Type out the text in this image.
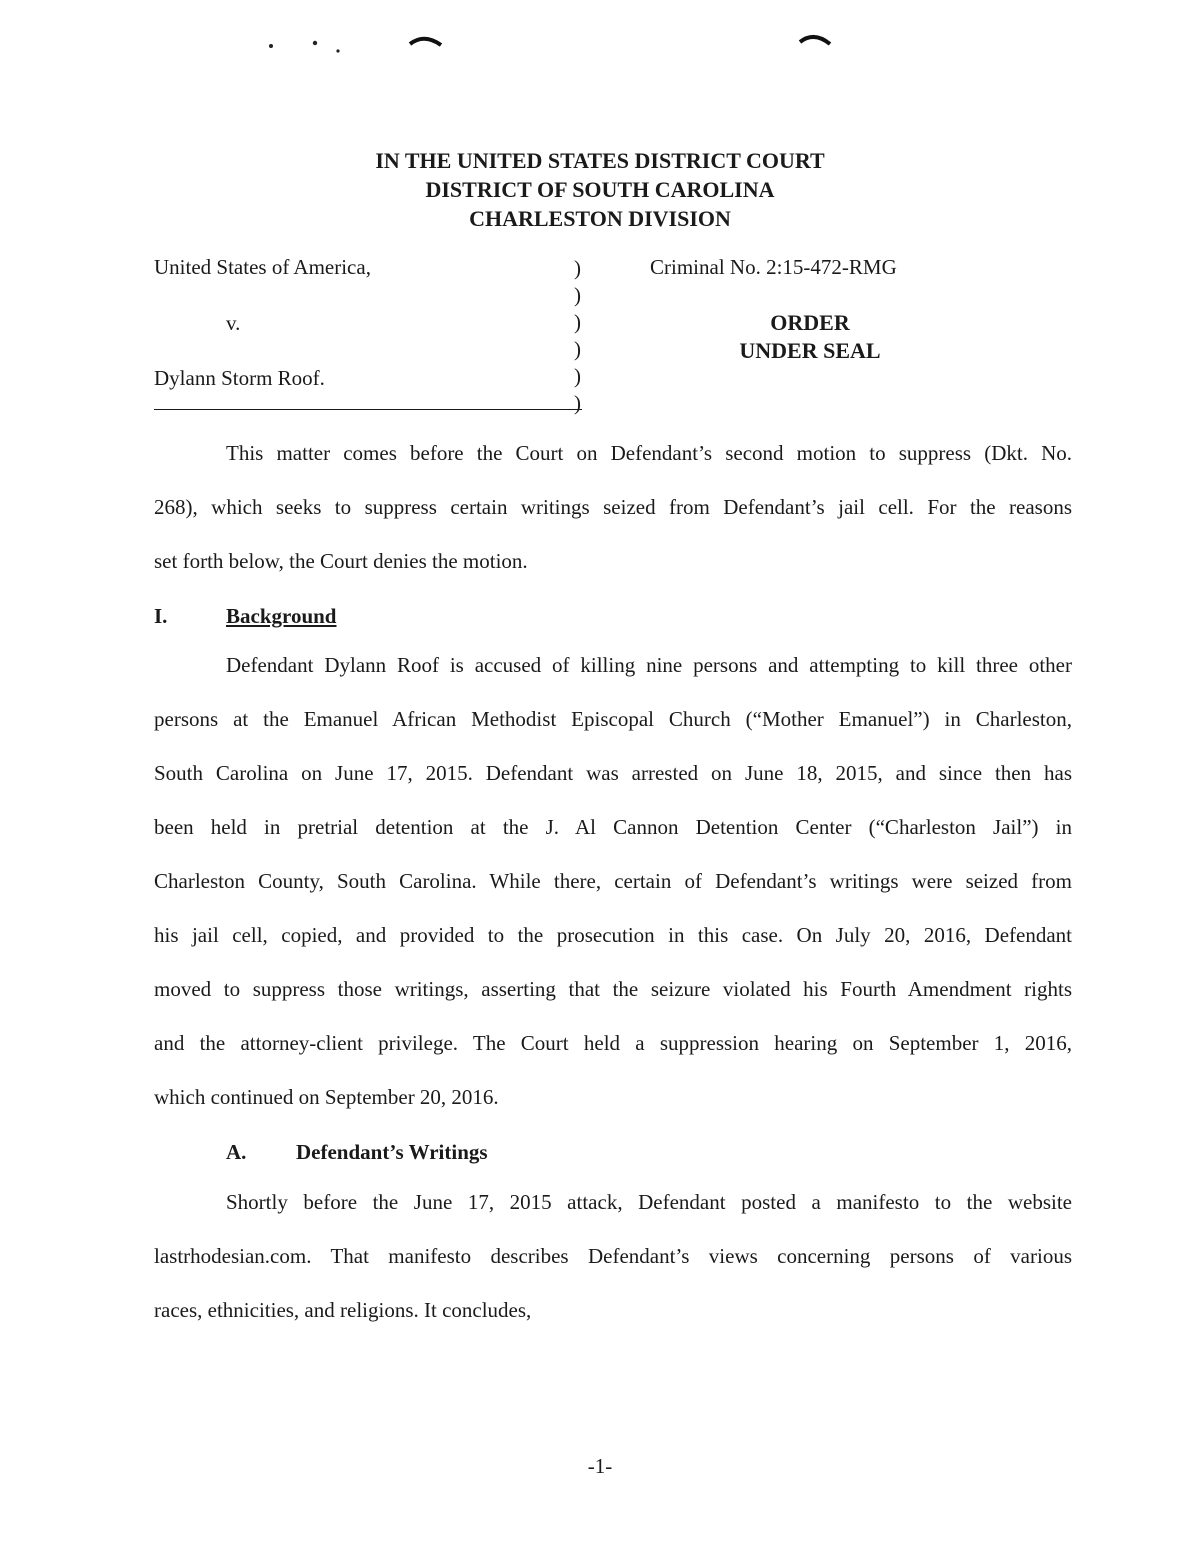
IN THE UNITED STATES DISTRICT COURT
DISTRICT OF SOUTH CAROLINA
CHARLESTON DIVISION
United States of America,
v.
Dylann Storm Roof.
)
)
)
)
)
)
Criminal No. 2:15-472-RMG
ORDER
UNDER SEAL
This matter comes before the Court on Defendant’s second motion to suppress (Dkt. No.
268), which seeks to suppress certain writings seized from Defendant’s jail cell. For the reasons
set forth below, the Court denies the motion.
I.	Background
Defendant Dylann Roof is accused of killing nine persons and attempting to kill three other
persons at the Emanuel African Methodist Episcopal Church (“Mother Emanuel”) in Charleston,
South Carolina on June 17, 2015. Defendant was arrested on June 18, 2015, and since then has
been held in pretrial detention at the J. Al Cannon Detention Center (“Charleston Jail”) in
Charleston County, South Carolina. While there, certain of Defendant’s writings were seized from
his jail cell, copied, and provided to the prosecution in this case. On July 20, 2016, Defendant
moved to suppress those writings, asserting that the seizure violated his Fourth Amendment rights
and the attorney-client privilege. The Court held a suppression hearing on September 1, 2016,
which continued on September 20, 2016.
A. Defendant’s Writings
Shortly before the June 17, 2015 attack, Defendant posted a manifesto to the website
lastrhodesian.com. That manifesto describes Defendant’s views concerning persons of various
races, ethnicities, and religions. It concludes,
-1-
